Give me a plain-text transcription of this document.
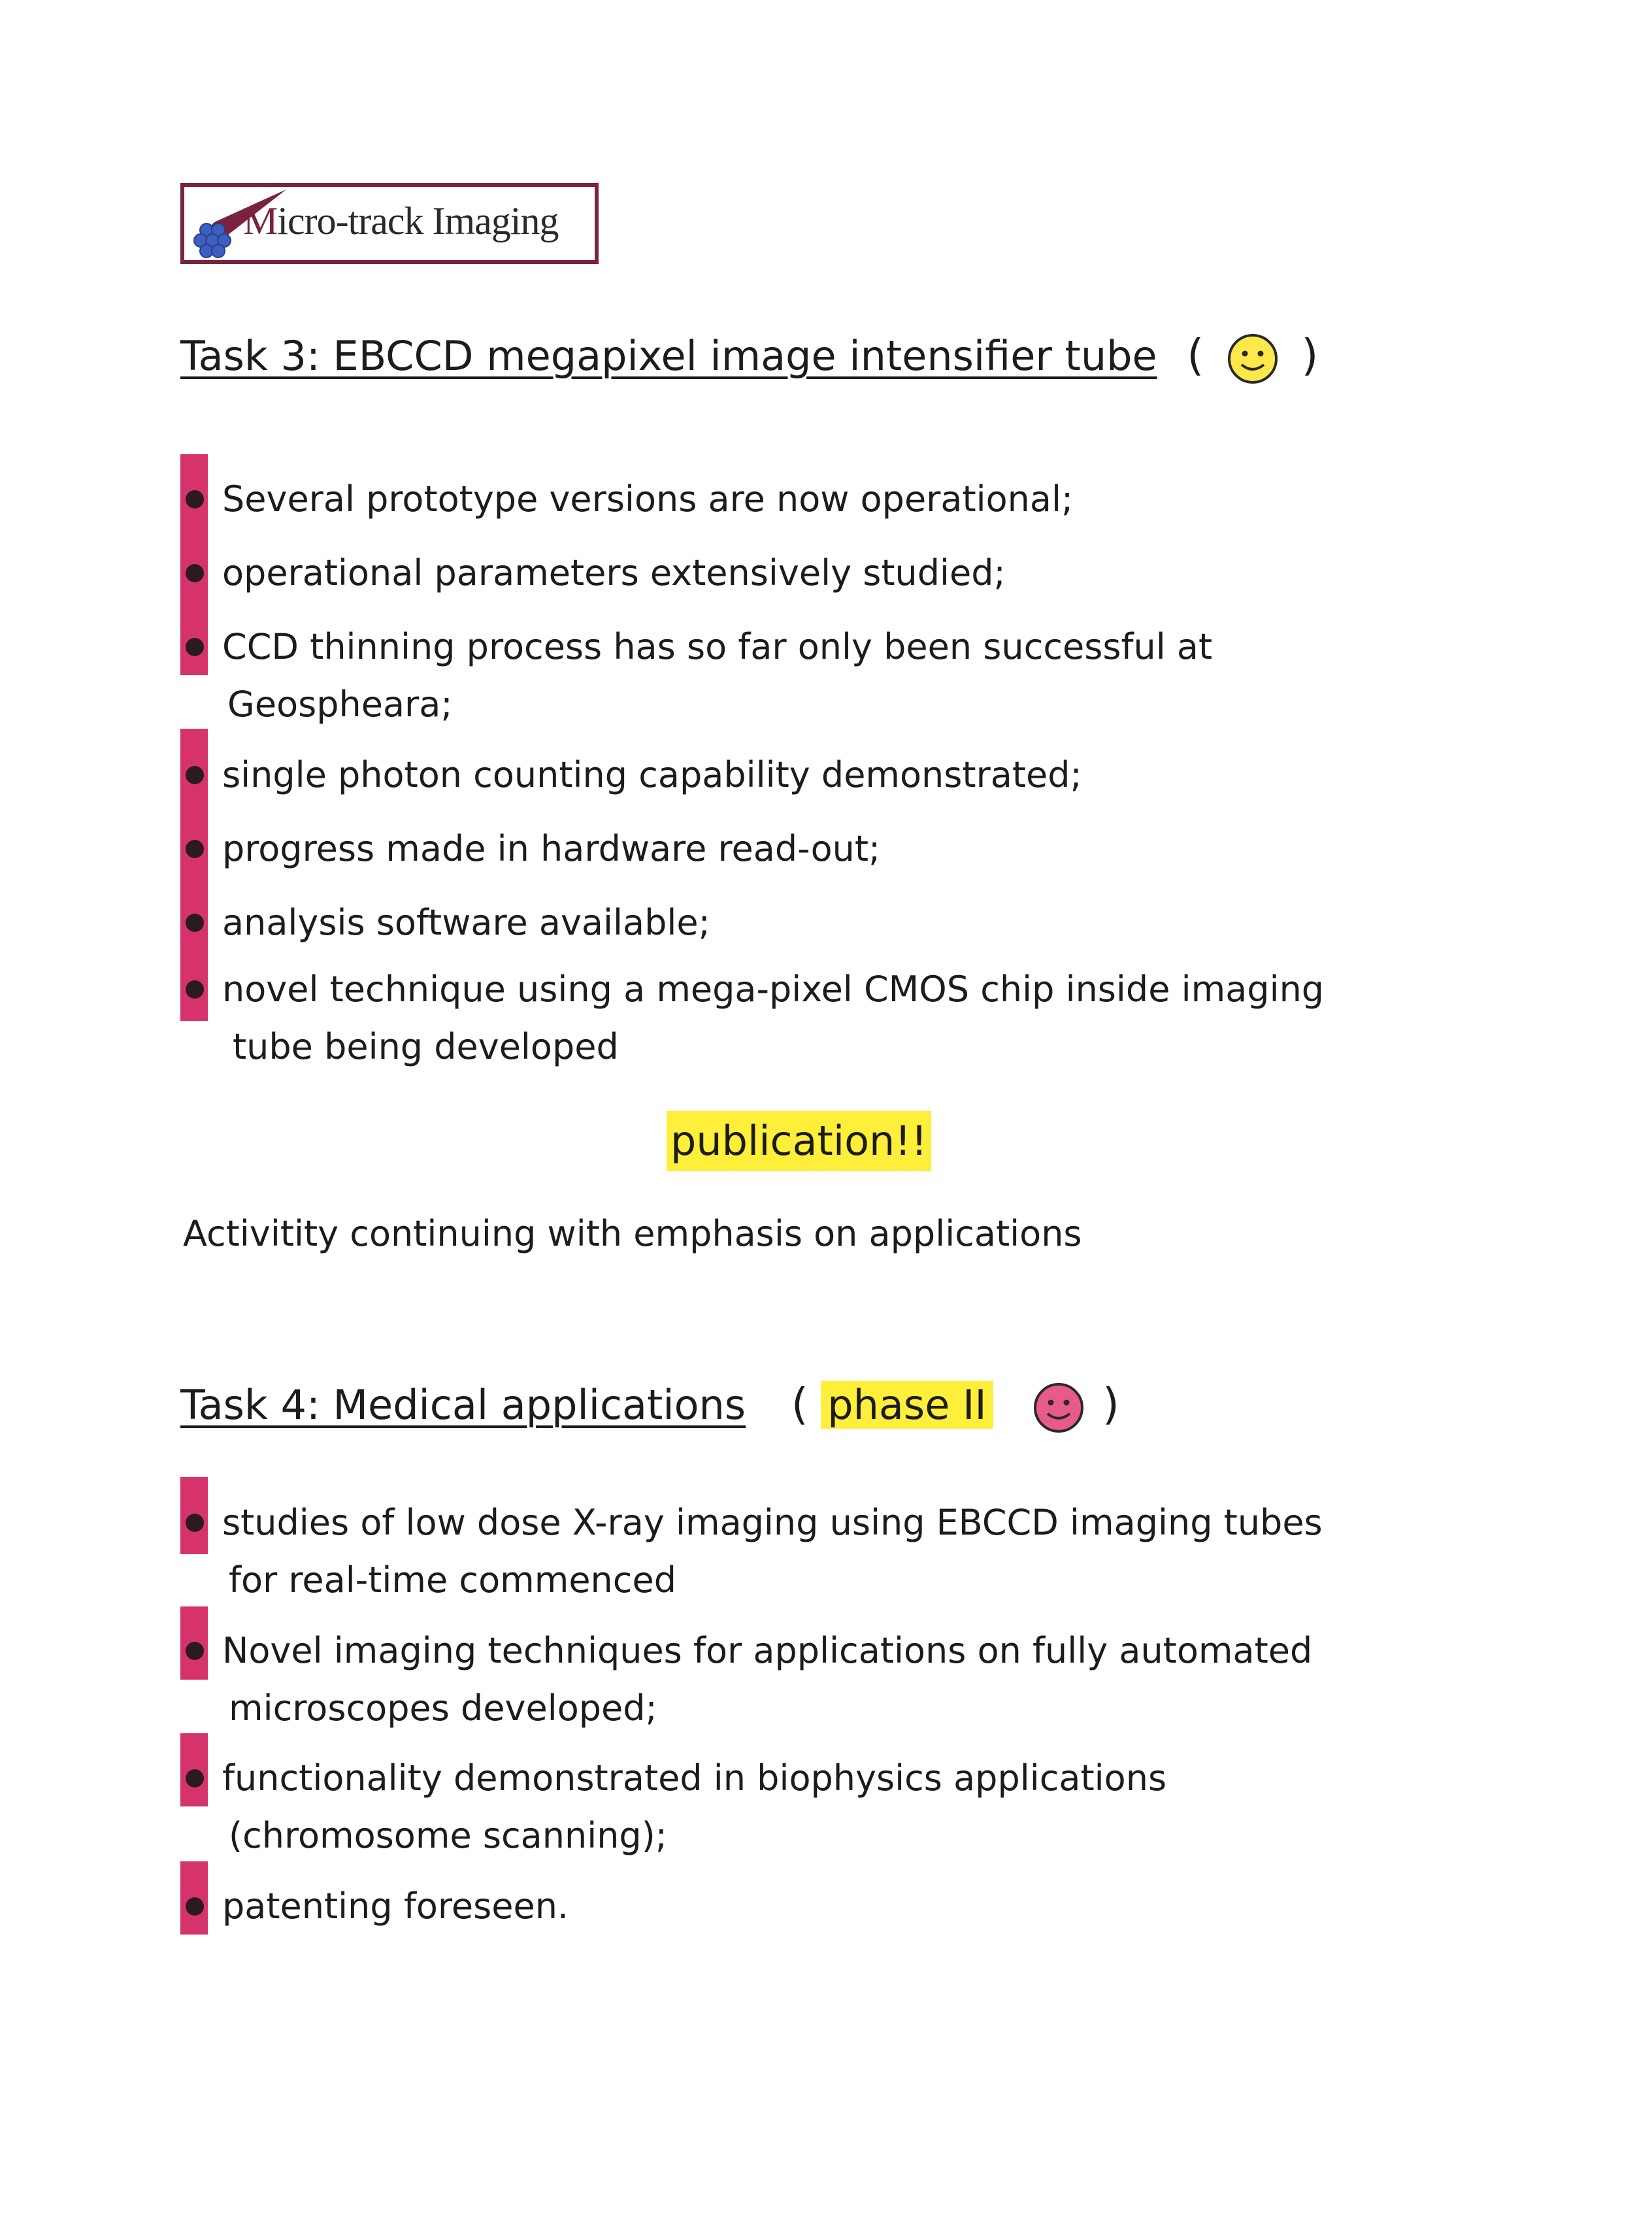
Micro-track Imaging
Task 3: EBCCD megapixel image intensifier tube ( )
Several prototype versions are now operational;
operational parameters extensively studied;
CCD thinning process has so far only been successful at
Geospheara;
single photon counting capability demonstrated;
progress made in hardware read-out;
analysis software available;
novel technique using a mega-pixel CMOS chip inside imaging
tube being developed
publication!!
Activitity continuing with emphasis on applications
Task 4: Medical applications ( phase II	)
studies of low dose X-ray imaging using EBCCD imaging tubes
for real-time commenced
Novel imaging techniques for applications on fully automated
microscopes developed;
functionality demonstrated in biophysics applications
(chromosome scanning);
patenting foreseen.
